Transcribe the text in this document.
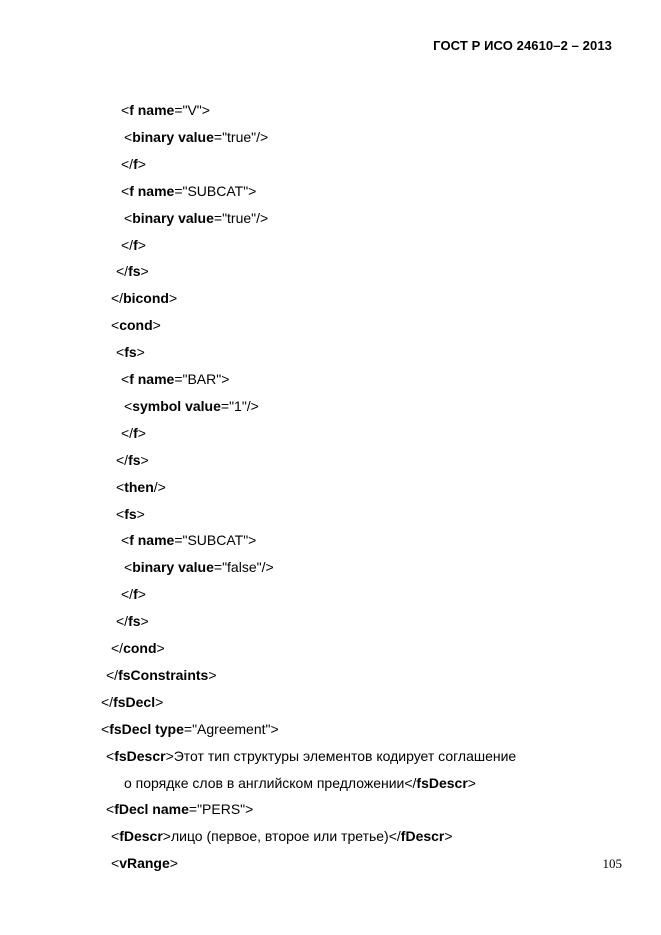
ГОСТ Р ИСО 24610–2 – 2013
<f name="V">
<binary value="true"/>
</f>
<f name="SUBCAT">
<binary value="true"/>
</f>
</fs>
</bicond>
<cond>
<fs>
<f name="BAR">
<symbol value="1"/>
</f>
</fs>
<then/>
<fs>
<f name="SUBCAT">
<binary value="false"/>
</f>
</fs>
</cond>
</fsConstraints>
</fsDecl>
<fsDecl type="Agreement">
<fsDescr>Этот тип структуры элементов кодирует соглашение
о порядке слов в английском предложении</fsDescr>
<fDecl name="PERS">
<fDescr>лицо (первое, второе или третье)</fDescr>
<vRange>	105
